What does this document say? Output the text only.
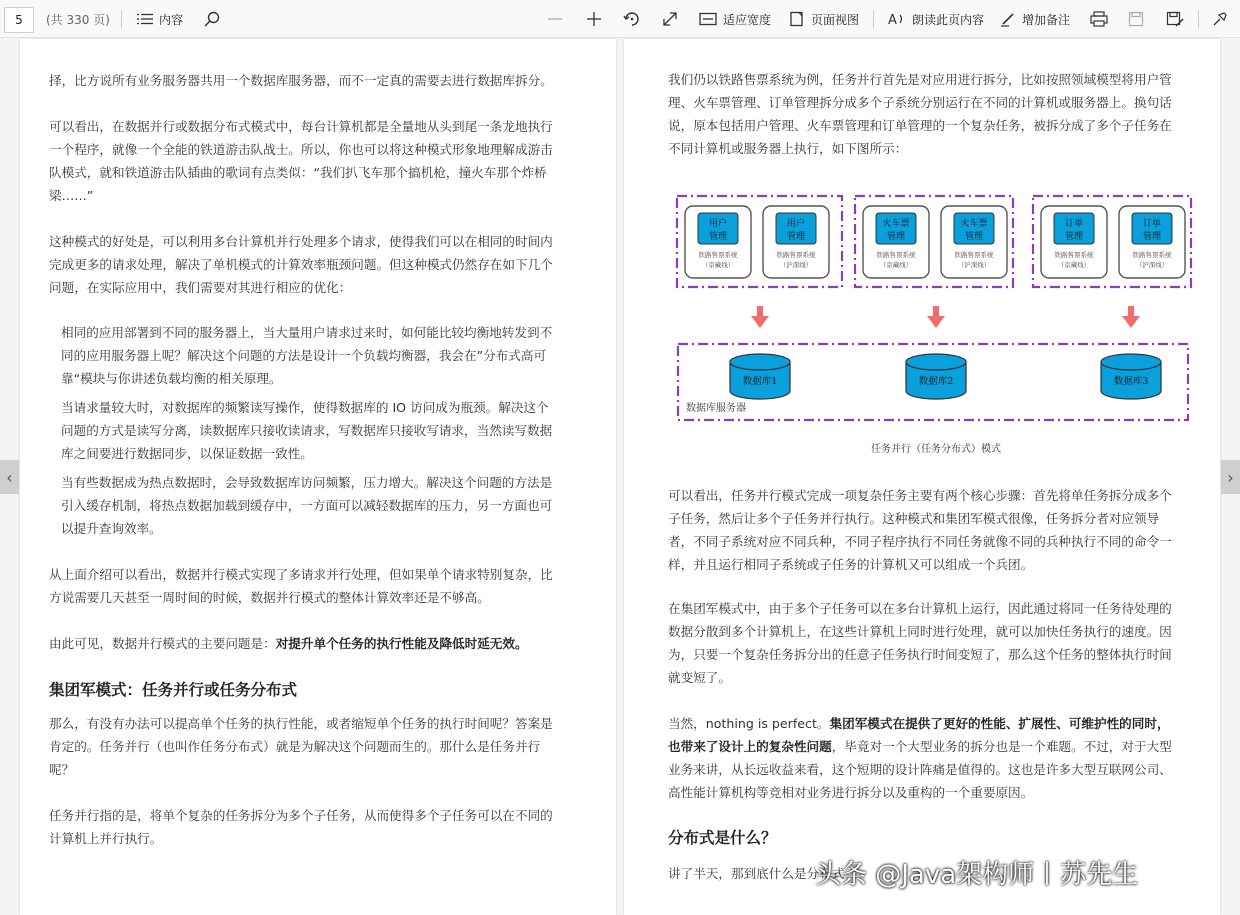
5	(共 330 页)	内容	适应宽度	页面视图 A 朗读此页内容	增加备注
择，比方说所有业务服务器共用一个数据库服务器，而不一定真的需要去进行数据库拆分。
可以看出，在数据并行或数据分布式模式中，每台计算机都是全量地从头到尾一条龙地执行
一个程序，就像一个全能的铁道游击队战士。所以，你也可以将这种模式形象地理解成游击
队模式，就和铁道游击队插曲的歌词有点类似：“我们扒飞车那个搞机枪，撞火车那个炸桥
梁……”
这种模式的好处是，可以利用多台计算机并行处理多个请求，使得我们可以在相同的时间内
完成更多的请求处理，解决了单机模式的计算效率瓶颈问题。但这种模式仍然存在如下几个
问题，在实际应用中，我们需要对其进行相应的优化：
相同的应用部署到不同的服务器上，当大量用户请求过来时，如何能比较均衡地转发到不
同的应用服务器上呢？解决这个问题的方法是设计一个负载均衡器，我会在”分布式高可
靠“模块与你讲述负载均衡的相关原理。
当请求量较大时，对数据库的频繁读写操作，使得数据库的 IO 访问成为瓶颈。解决这个
问题的方式是读写分离，读数据库只接收读请求，写数据库只接收写请求，当然读写数据
库之间要进行数据同步，以保证数据一致性。
当有些数据成为热点数据时，会导致数据库访问频繁，压力增大。解决这个问题的方法是
引入缓存机制，将热点数据加载到缓存中，一方面可以减轻数据库的压力，另一方面也可
以提升查询效率。
从上面介绍可以看出，数据并行模式实现了多请求并行处理，但如果单个请求特别复杂，比
方说需要几天甚至一周时间的时候，数据并行模式的整体计算效率还是不够高。
由此可见，数据并行模式的主要问题是：对提升单个任务的执行性能及降低时延无效。
集团军模式：任务并行或任务分布式
那么，有没有办法可以提高单个任务的执行性能，或者缩短单个任务的执行时间呢？答案是
肯定的。任务并行（也叫作任务分布式）就是为解决这个问题而生的。那什么是任务并行
呢？
任务并行指的是，将单个复杂的任务拆分为多个子任务，从而使得多个子任务可以在不同的
计算机上并行执行。
我们仍以铁路售票系统为例，任务并行首先是对应用进行拆分，比如按照领域模型将用户管
理、火车票管理、订单管理拆分成多个子系统分别运行在不同的计算机或服务器上。换句话
说，原本包括用户管理、火车票管理和订单管理的一个复杂任务，被拆分成了多个子任务在
不同计算机或服务器上执行，如下图所示：
用户
管理
铁路售票系统
（京藏线）
用户
管理
铁路售票系统
（沪深线）
火车票
管理
铁路售票系统
（京藏线）
火车票
管理
铁路售票系统
（沪深线）
订单
管理
铁路售票系统
（京藏线）
订单
管理
铁路售票系统
（沪深线）
数据库1	数据库2	数据库3
数据库服务器
任务并行（任务分布式）模式
可以看出，任务并行模式完成一项复杂任务主要有两个核心步骤：首先将单任务拆分成多个
子任务，然后让多个子任务并行执行。这种模式和集团军模式很像，任务拆分者对应领导
者，不同子系统对应不同兵种，不同子程序执行不同任务就像不同的兵种执行不同的命令一
样，并且运行相同子系统或子任务的计算机又可以组成一个兵团。
在集团军模式中，由于多个子任务可以在多台计算机上运行，因此通过将同一任务待处理的
数据分散到多个计算机上，在这些计算机上同时进行处理，就可以加快任务执行的速度。因
为，只要一个复杂任务拆分出的任意子任务执行时间变短了，那么这个任务的整体执行时间
就变短了。
当然，nothing is perfect。集团军模式在提供了更好的性能、扩展性、可维护性的同时，
也带来了设计上的复杂性问题，毕竟对一个大型业务的拆分也是一个难题。不过，对于大型
业务来讲，从长远收益来看，这个短期的设计阵痛是值得的。这也是许多大型互联网公司、
高性能计算机构等竞相对业务进行拆分以及重构的一个重要原因。
分布式是什么？
讲了半天，那到底什么是分布式
‹	›
头条 @Java架构师丨苏先生
